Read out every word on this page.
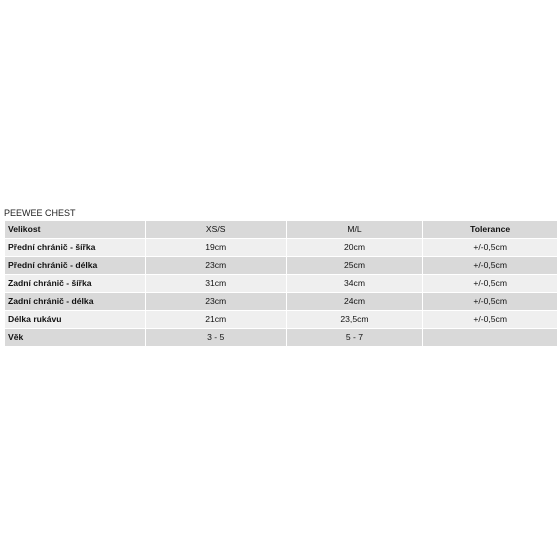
PEEWEE CHEST
Velikost	XS/S	M/L	Tolerance
Přední chránič - šířka	19cm	20cm	+/-0,5cm
Přední chránič - délka	23cm	25cm	+/-0,5cm
Zadní chránič - šířka	31cm	34cm	+/-0,5cm
Zadní chránič - délka	23cm	24cm	+/-0,5cm
Délka rukávu	21cm	23,5cm	+/-0,5cm
Věk	3 - 5	5 - 7	
